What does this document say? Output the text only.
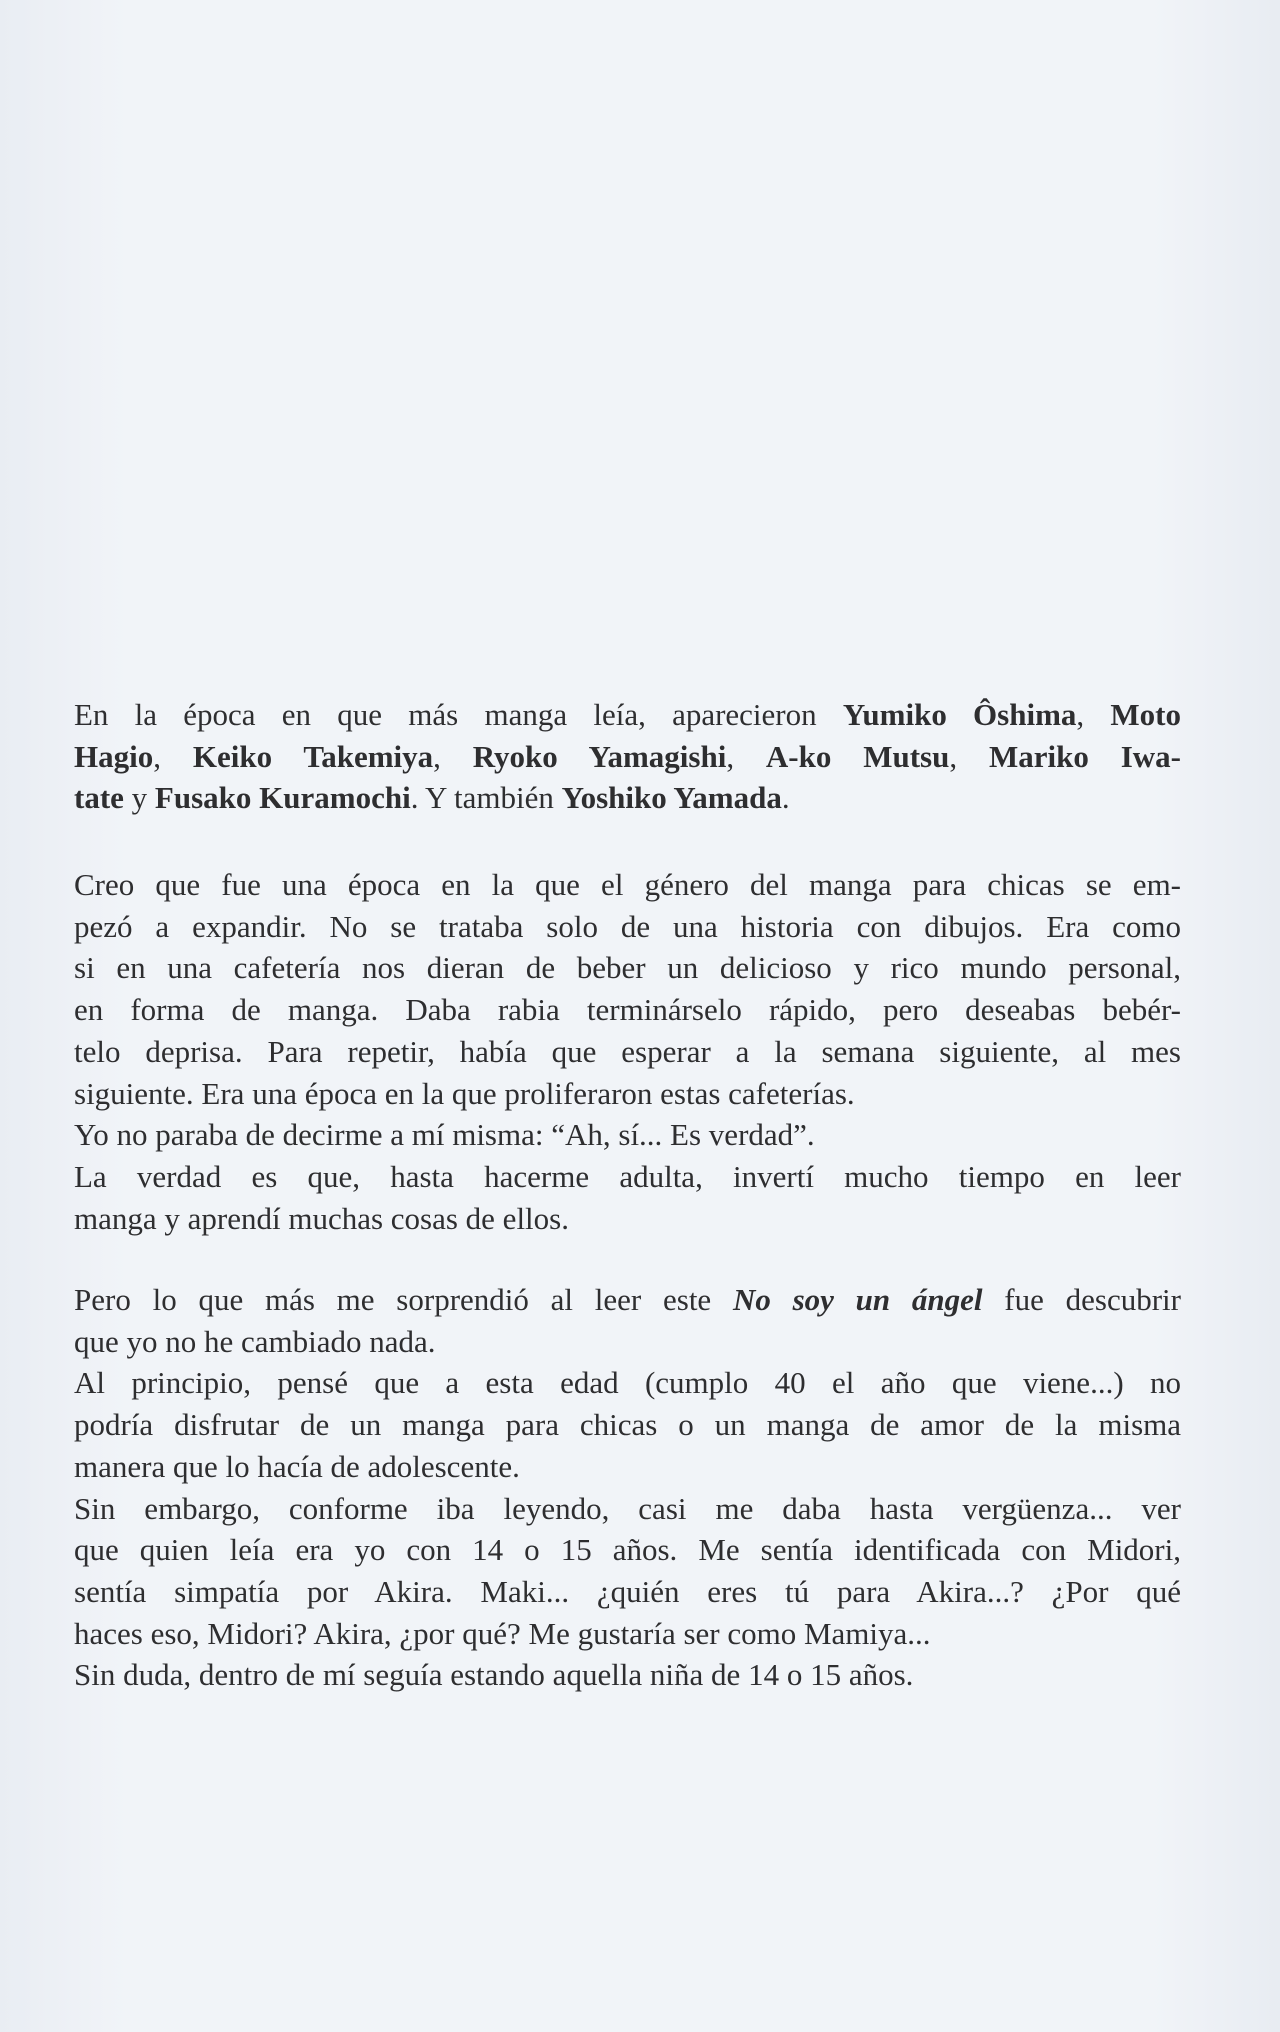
En la época en que más manga leía, aparecieron Yumiko Ôshima, Moto
Hagio, Keiko Takemiya, Ryoko Yamagishi, A-ko Mutsu, Mariko Iwa-
tate y Fusako Kuramochi. Y también Yoshiko Yamada.
Creo que fue una época en la que el género del manga para chicas se em-
pezó a expandir. No se trataba solo de una historia con dibujos. Era como
si en una cafetería nos dieran de beber un delicioso y rico mundo personal,
en forma de manga. Daba rabia terminárselo rápido, pero deseabas bebér-
telo deprisa. Para repetir, había que esperar a la semana siguiente, al mes
siguiente. Era una época en la que proliferaron estas cafeterías.
Yo no paraba de decirme a mí misma: “Ah, sí... Es verdad”.
La verdad es que, hasta hacerme adulta, invertí mucho tiempo en leer
manga y aprendí muchas cosas de ellos.
Pero lo que más me sorprendió al leer este No soy un ángel fue descubrir
que yo no he cambiado nada.
Al principio, pensé que a esta edad (cumplo 40 el año que viene...) no
podría disfrutar de un manga para chicas o un manga de amor de la misma
manera que lo hacía de adolescente.
Sin embargo, conforme iba leyendo, casi me daba hasta vergüenza... ver
que quien leía era yo con 14 o 15 años. Me sentía identificada con Midori,
sentía simpatía por Akira. Maki... ¿quién eres tú para Akira...? ¿Por qué
haces eso, Midori? Akira, ¿por qué? Me gustaría ser como Mamiya...
Sin duda, dentro de mí seguía estando aquella niña de 14 o 15 años.
